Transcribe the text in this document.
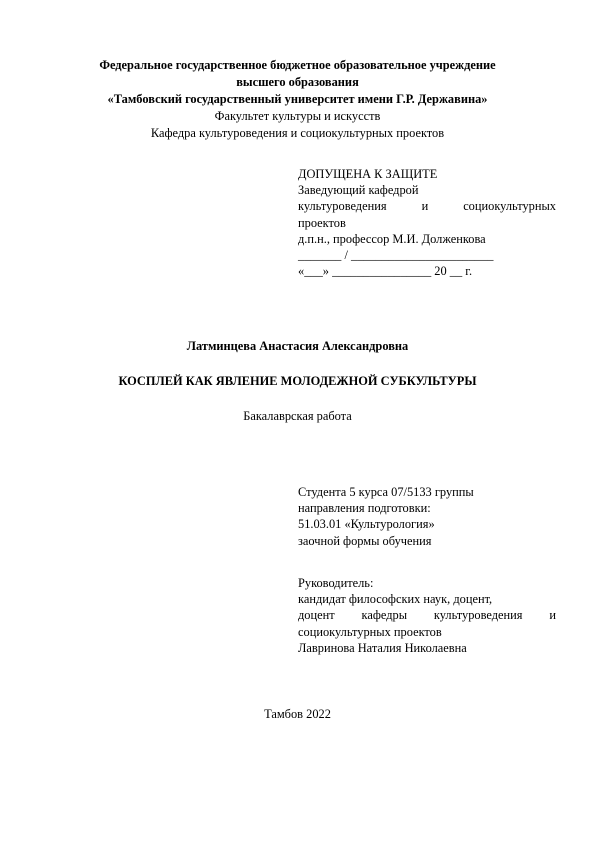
Федеральное государственное бюджетное образовательное учреждение
высшего образования
«Тамбовский государственный университет имени Г.Р. Державина»
Факультет культуры и искусств
Кафедра культуроведения и социокультурных проектов
ДОПУЩЕНА К ЗАЩИТЕ
Заведующий кафедрой
культуроведения	и	социокультурных
проектов
д.п.н., профессор М.И. Долженкова
_______ / _______________________
«___» ________________ 20 __ г.
Латминцева Анастасия Александровна
КОСПЛЕЙ КАК ЯВЛЕНИЕ МОЛОДЕЖНОЙ СУБКУЛЬТУРЫ
Бакалаврская работа
Студента 5 курса 07/5133 группы
направления подготовки:
51.03.01 «Культурология»
заочной формы обучения
Руководитель:
кандидат философских наук, доцент,
доцент кафедры культуроведения и
социокультурных проектов
Лавринова Наталия Николаевна
Тамбов 2022
